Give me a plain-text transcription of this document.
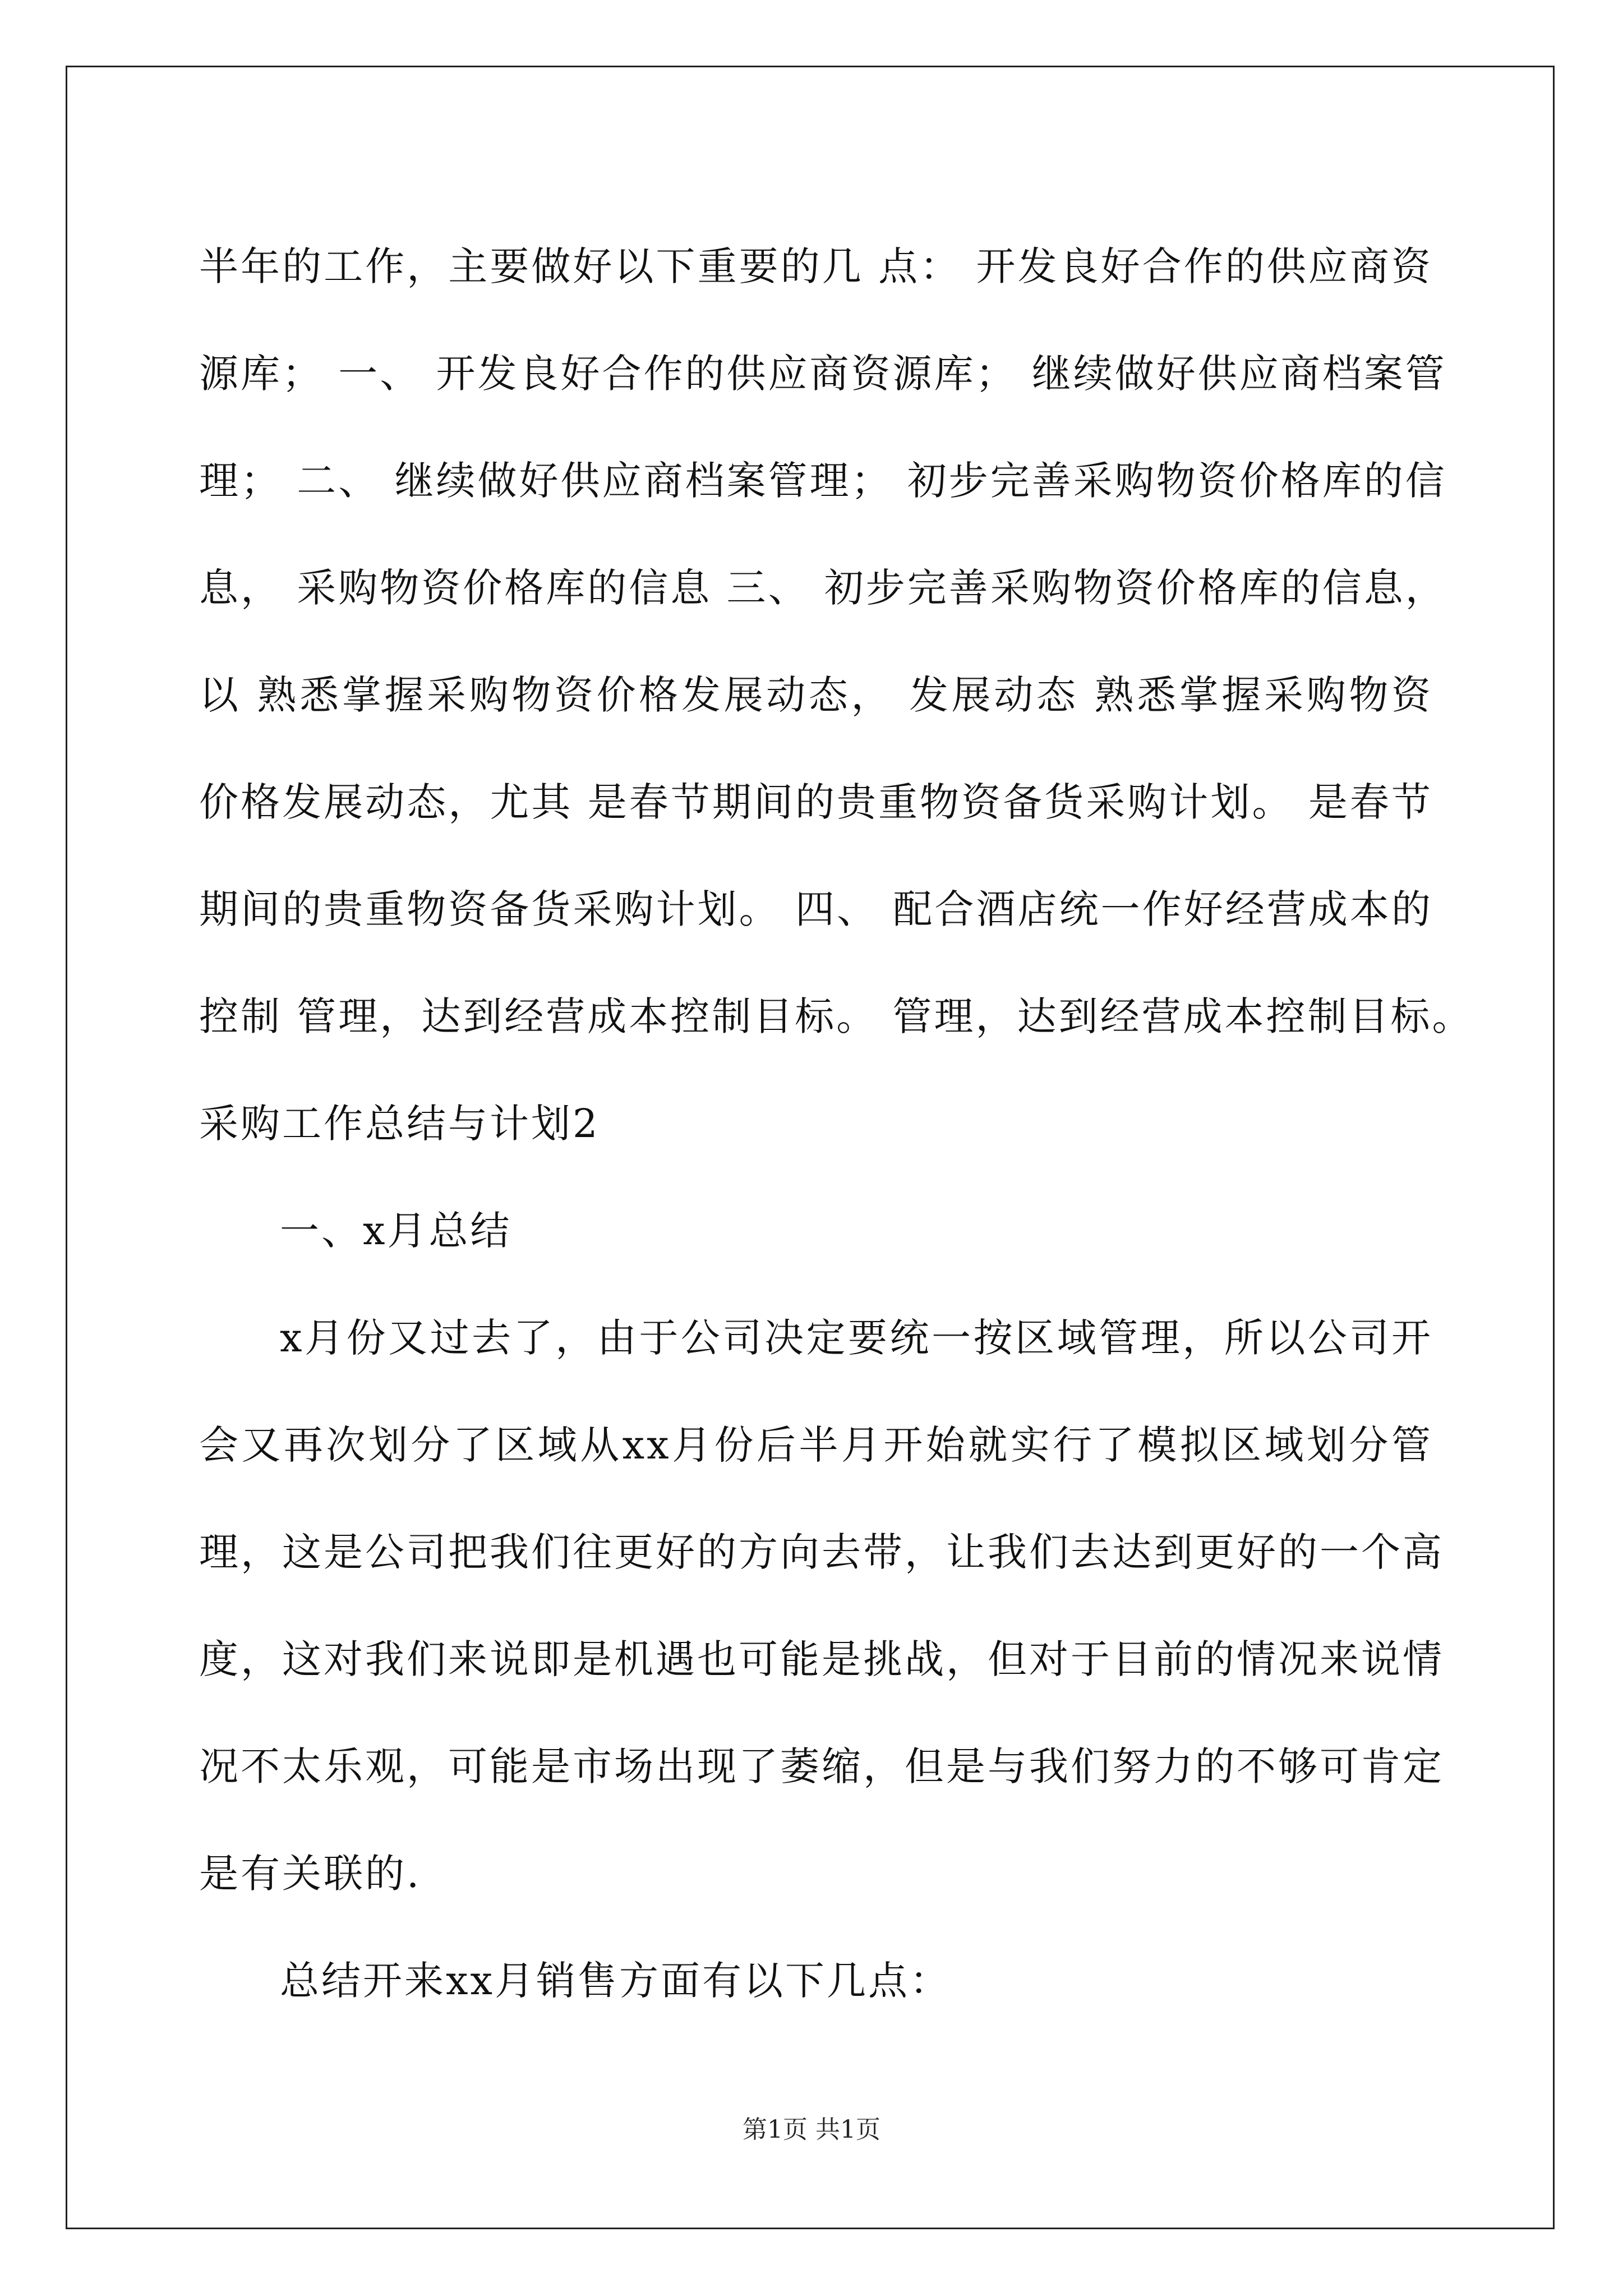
半年的工作，主要做好以下重要的几 点： 开发良好合作的供应商资

源库； 一、 开发良好合作的供应商资源库； 继续做好供应商档案管

理； 二、 继续做好供应商档案管理； 初步完善采购物资价格库的信

息， 采购物资价格库的信息 三、 初步完善采购物资价格库的信息，

以 熟悉掌握采购物资价格发展动态， 发展动态 熟悉掌握采购物资

价格发展动态，尤其 是春节期间的贵重物资备货采购计划。 是春节

期间的贵重物资备货采购计划。 四、 配合酒店统一作好经营成本的

控制 管理，达到经营成本控制目标。 管理，达到经营成本控制目标。

采购工作总结与计划2

一、x月总结

x月份又过去了，由于公司决定要统一按区域管理，所以公司开

会又再次划分了区域从xx月份后半月开始就实行了模拟区域划分管

理，这是公司把我们往更好的方向去带，让我们去达到更好的一个高

度，这对我们来说即是机遇也可能是挑战，但对于目前的情况来说情

况不太乐观，可能是市场出现了萎缩，但是与我们努力的不够可肯定

是有关联的.

总结开来xx月销售方面有以下几点：

第1页 共1页
